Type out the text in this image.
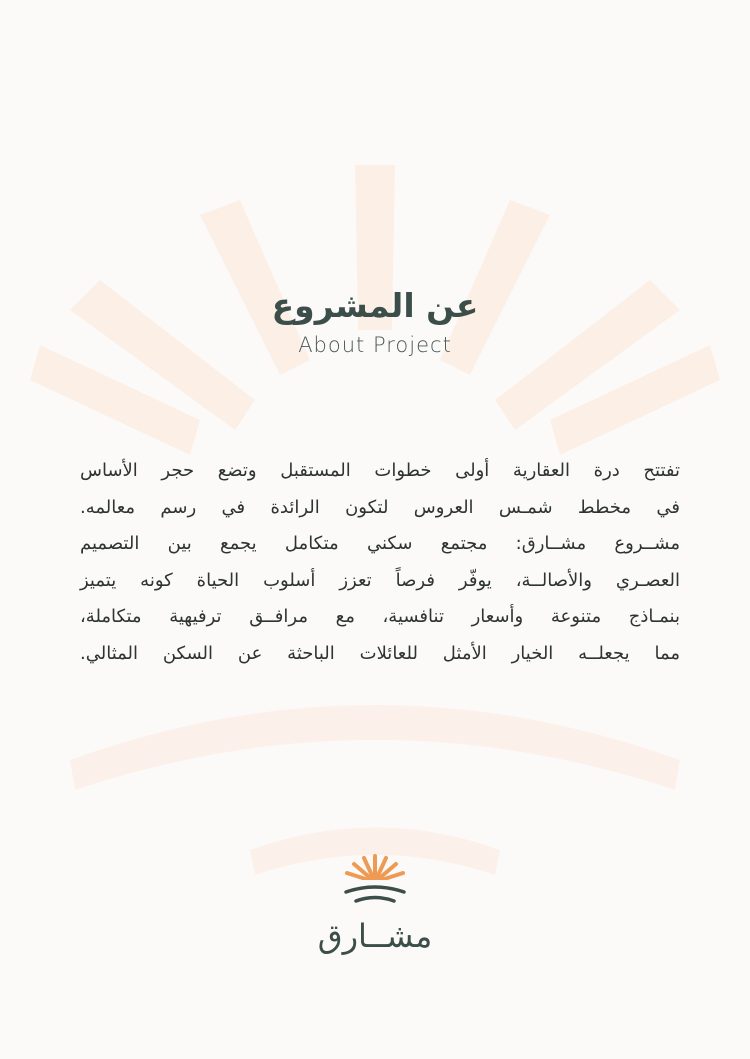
عن المشروع
About Project
تفتتح درة العقارية أولى خطوات المستقبل وتضع حجر الأساس
في مخطط شمـس العروس لتكون الرائدة في رسم معالمه.
مشــروع مشــارق: مجتمع سكني متكامل يجمع بين التصميم
العصـري والأصالــة، يوفّر فرصاً تعزز أسلوب الحياة كونه يتميز
بنمـاذج متنوعة وأسعار تنافسية، مع مرافــق ترفيهية متكاملة،
مما يجعلــه الخيار الأمثل للعائلات الباحثة عن السكن المثالي.
مشــارق
